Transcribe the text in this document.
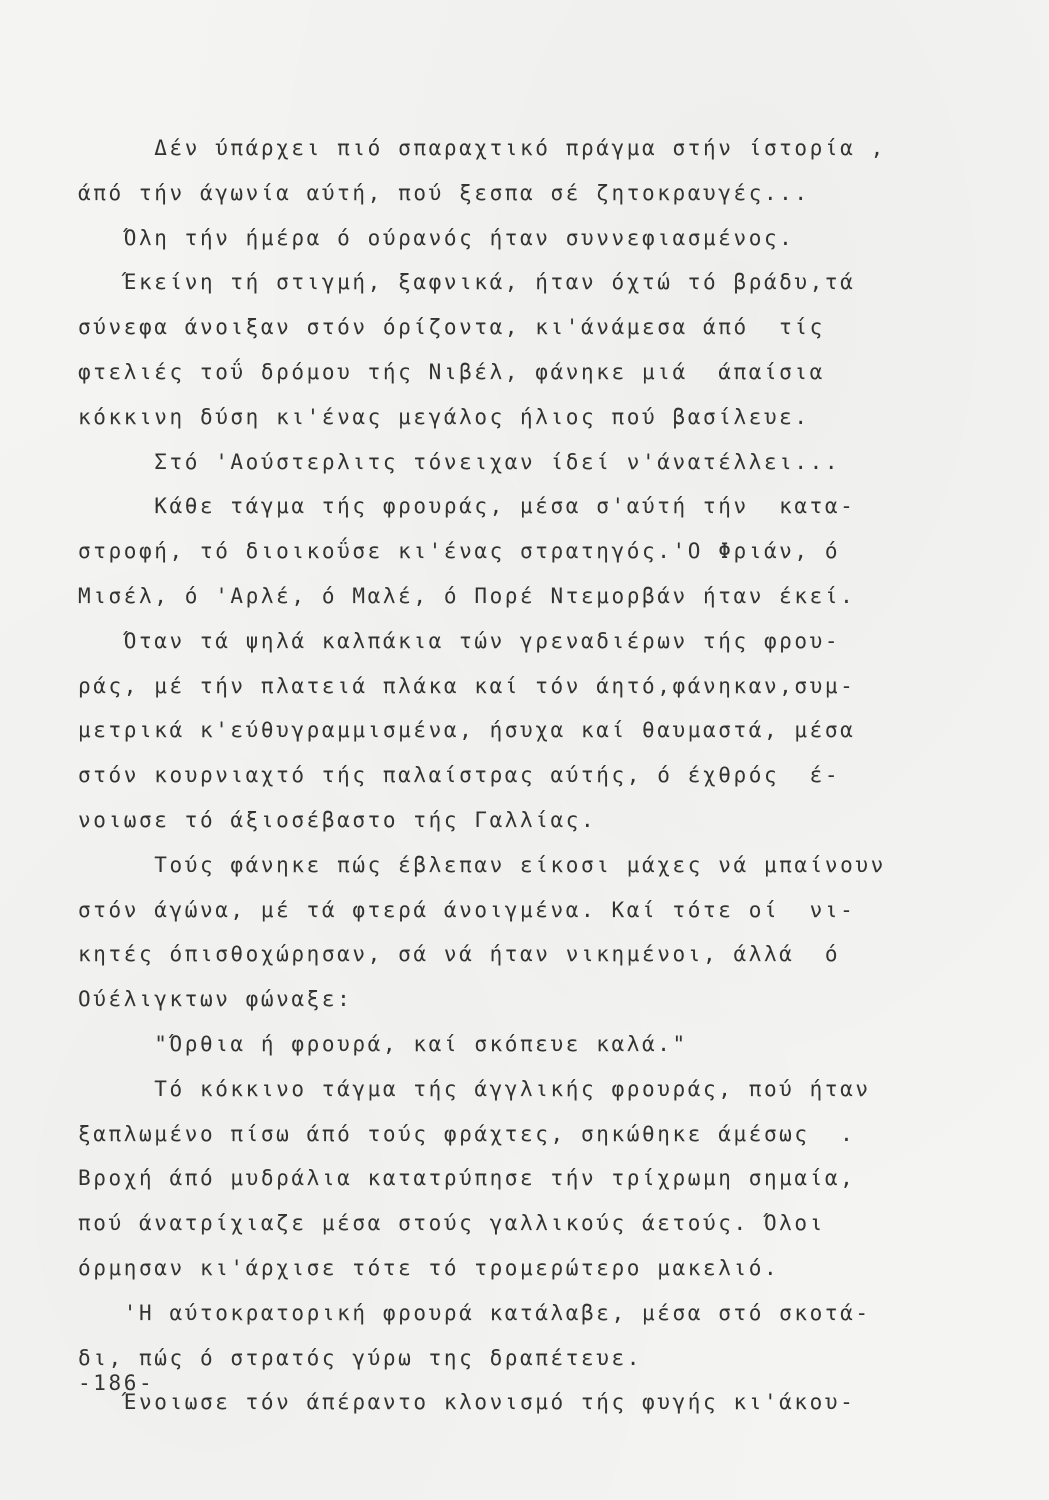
Δέν ύπάρχει πιό σπαραχτικό πράγμα στήν ίστορία ,
άπό τήν άγωνία αύτή, πού ξεσπα σέ ζητοκραυγές...
Όλη τήν ήμέρα ό ούρανός ήταν συννεφιασμένος.
Έκείνη τή στιγμή, ξαφνικά, ήταν όχτώ τό βράδυ,τά
σύνεφα άνοιξαν στόν όρίζοντα, κι'άνάμεσα άπό  τίς
φτελιές τοΰ δρόμου τής Νιβέλ, φάνηκε μιά  άπαίσια
κόκκινη δύση κι'ένας μεγάλος ήλιος πού βασίλευε.
Στό 'Αούστερλιτς τόνειχαν ίδεί ν'άνατέλλει...
Κάθε τάγμα τής φρουράς, μέσα σ'αύτή τήν  κατα-
στροφή, τό διοικοΰσε κι'ένας στρατηγός.'Ο Φριάν, ό
Μισέλ, ό 'Αρλέ, ό Μαλέ, ό Πορέ Ντεμορβάν ήταν έκεί.
Όταν τά ψηλά καλπάκια τών γρεναδιέρων τής φρου-
ράς, μέ τήν πλατειά πλάκα καί τόν άητό,φάνηκαν,συμ-
μετρικά κ'εύθυγραμμισμένα, ήσυχα καί θαυμαστά, μέσα
στόν κουρνιαχτό τής παλαίστρας αύτής, ό έχθρός  έ-
νοιωσε τό άξιοσέβαστο τής Γαλλίας.
Τούς φάνηκε πώς έβλεπαν είκοσι μάχες νά μπαίνουν
στόν άγώνα, μέ τά φτερά άνοιγμένα. Καί τότε οί  νι-
κητές όπισθοχώρησαν, σά νά ήταν νικημένοι, άλλά  ό
Ούέλιγκτων φώναξε:
"Όρθια ή φρουρά, καί σκόπευε καλά."
Τό κόκκινο τάγμα τής άγγλικής φρουράς, πού ήταν
ξαπλωμένο πίσω άπό τούς φράχτες, σηκώθηκε άμέσως  .
Βροχή άπό μυδράλια κατατρύπησε τήν τρίχρωμη σημαία,
πού άνατρίχιαζε μέσα στούς γαλλικούς άετούς. Όλοι
όρμησαν κι'άρχισε τότε τό τρομερώτερο μακελιό.
'Η αύτοκρατορική φρουρά κατάλαβε, μέσα στό σκοτά-
δι, πώς ό στρατός γύρω της δραπέτευε.
Ένοιωσε τόν άπέραντο κλονισμό τής φυγής κι'άκου-
-186-
